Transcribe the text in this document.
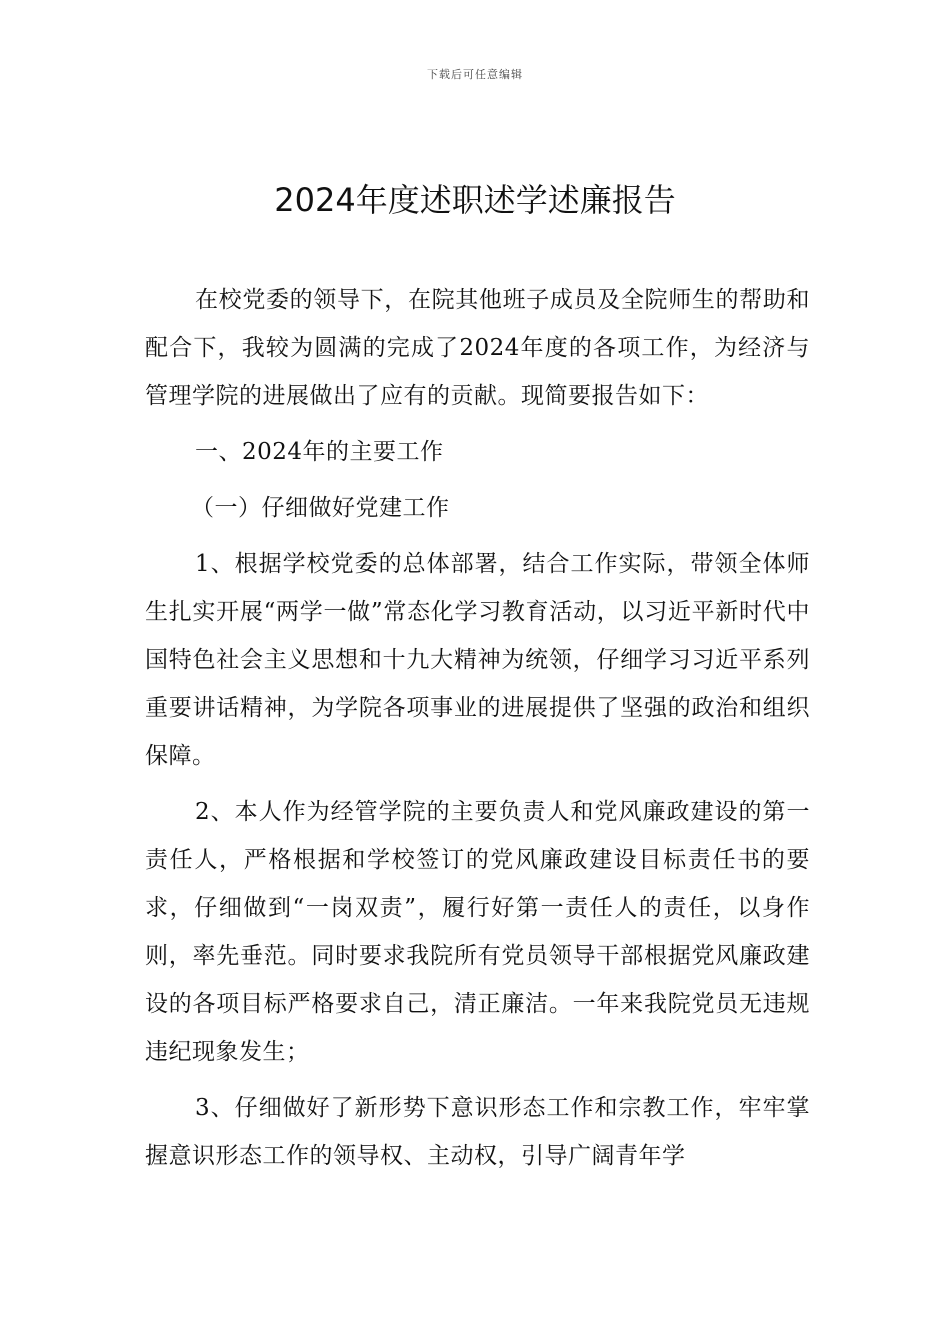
下载后可任意编辑
2024年度述职述学述廉报告

在校党委的领导下，在院其他班子成员及全院师生的帮助和配合下，我较为圆满的完成了2024年度的各项工作，为经济与管理学院的进展做出了应有的贡献。现简要报告如下：

一、2024年的主要工作

（一）仔细做好党建工作

1、根据学校党委的总体部署，结合工作实际，带领全体师生扎实开展“两学一做”常态化学习教育活动，以习近平新时代中国特色社会主义思想和十九大精神为统领，仔细学习习近平系列重要讲话精神，为学院各项事业的进展提供了坚强的政治和组织保障。

2、本人作为经管学院的主要负责人和党风廉政建设的第一责任人，严格根据和学校签订的党风廉政建设目标责任书的要求，仔细做到“一岗双责”，履行好第一责任人的责任，以身作则，率先垂范。同时要求我院所有党员领导干部根据党风廉政建设的各项目标严格要求自己，清正廉洁。一年来我院党员无违规违纪现象发生；

3、仔细做好了新形势下意识形态工作和宗教工作，牢牢掌握意识形态工作的领导权、主动权，引导广阔青年学
